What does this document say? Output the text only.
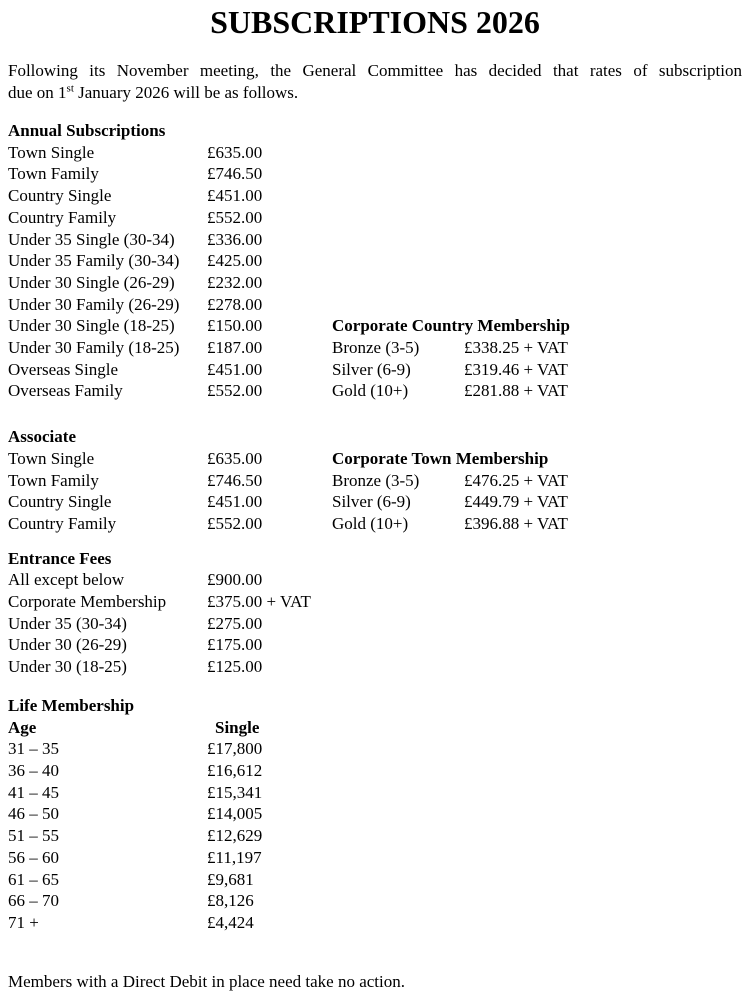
SUBSCRIPTIONS 2026
Following its November meeting, the General Committee has decided that rates of subscription
due on 1st January 2026 will be as follows.
Annual Subscriptions
Town Single	£635.00
Town Family	£746.50
Country Single	£451.00
Country Family	£552.00
Under 35 Single (30-34)	£336.00
Under 35 Family (30-34)	£425.00
Under 30 Single (26-29)	£232.00
Under 30 Family (26-29)	£278.00
Under 30 Single (18-25)	£150.00
Under 30 Family (18-25)	£187.00
Overseas Single	£451.00
Overseas Family	£552.00
Corporate Country Membership
Bronze (3-5)	£338.25 + VAT
Silver (6-9)	£319.46 + VAT
Gold (10+)	£281.88 + VAT
Associate
Town Single	£635.00
Town Family	£746.50
Country Single	£451.00
Country Family	£552.00
Corporate Town Membership
Bronze (3-5)	£476.25 + VAT
Silver (6-9)	£449.79 + VAT
Gold (10+)	£396.88 + VAT
Entrance Fees
All except below	£900.00
Corporate Membership	£375.00 + VAT
Under 35 (30-34)	£275.00
Under 30 (26-29)	£175.00
Under 30 (18-25)	£125.00
Life Membership
Age	Single
31 – 35	£17,800
36 – 40	£16,612
41 – 45	£15,341
46 – 50	£14,005
51 – 55	£12,629
56 – 60	£11,197
61 – 65	£9,681
66 – 70	£8,126
71 +	£4,424
Members with a Direct Debit in place need take no action.
